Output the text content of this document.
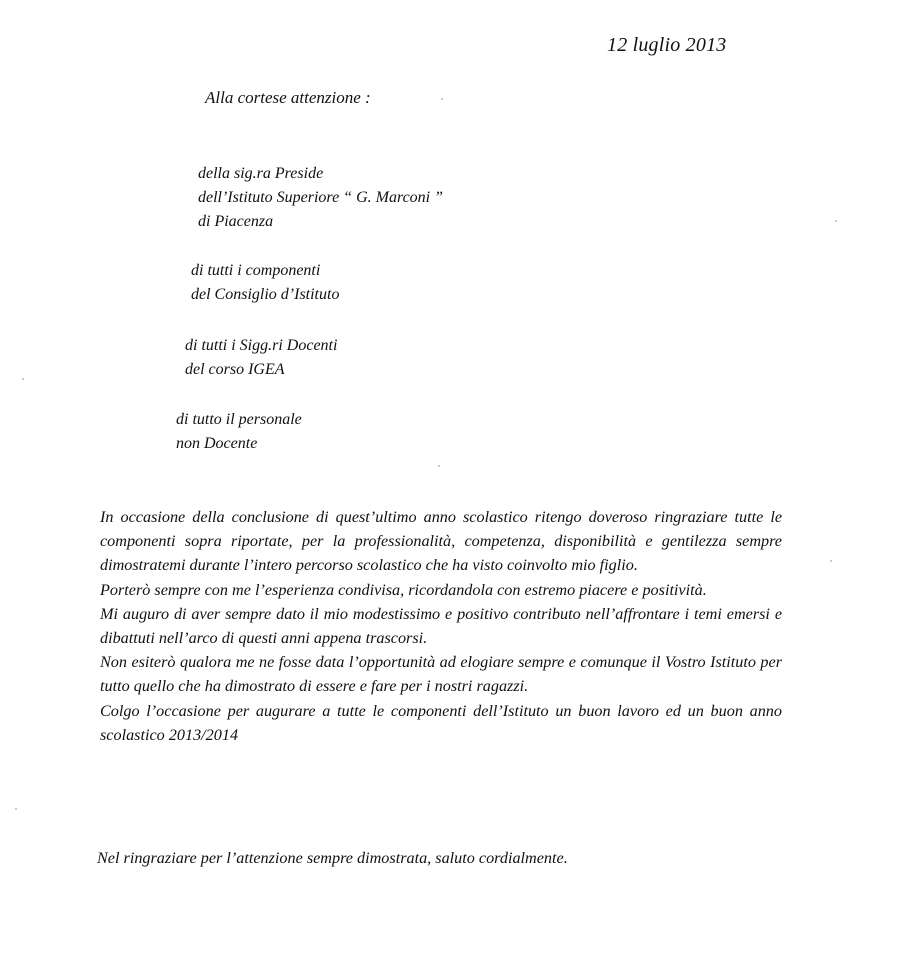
12 luglio 2013
Alla cortese attenzione :
della sig.ra Preside
dell’Istituto Superiore “ G. Marconi ”
di Piacenza
di tutti i componenti
del Consiglio d’Istituto
di tutti i Sigg.ri Docenti
del corso IGEA
di tutto il personale
non Docente

In occasione della conclusione di quest’ultimo anno scolastico ritengo doveroso ringraziare tutte le componenti sopra riportate, per la professionalità, competenza, disponibilità e gentilezza sempre dimostratemi durante l’intero percorso scolastico che ha visto coinvolto mio figlio.

Porterò sempre con me l’esperienza condivisa, ricordandola con estremo piacere e positività.

Mi auguro di aver sempre dato il mio modestissimo e positivo contributo nell’affrontare i temi emersi e dibattuti nell’arco di questi anni appena trascorsi.

Non esiterò qualora me ne fosse data l’opportunità ad elogiare sempre e comunque il Vostro Istituto per tutto quello che ha dimostrato di essere e fare per i nostri ragazzi.

Colgo l’occasione per augurare a tutte le componenti dell’Istituto un buon lavoro ed un buon anno scolastico 2013/2014

Nel ringraziare per l’attenzione sempre dimostrata, saluto cordialmente.
